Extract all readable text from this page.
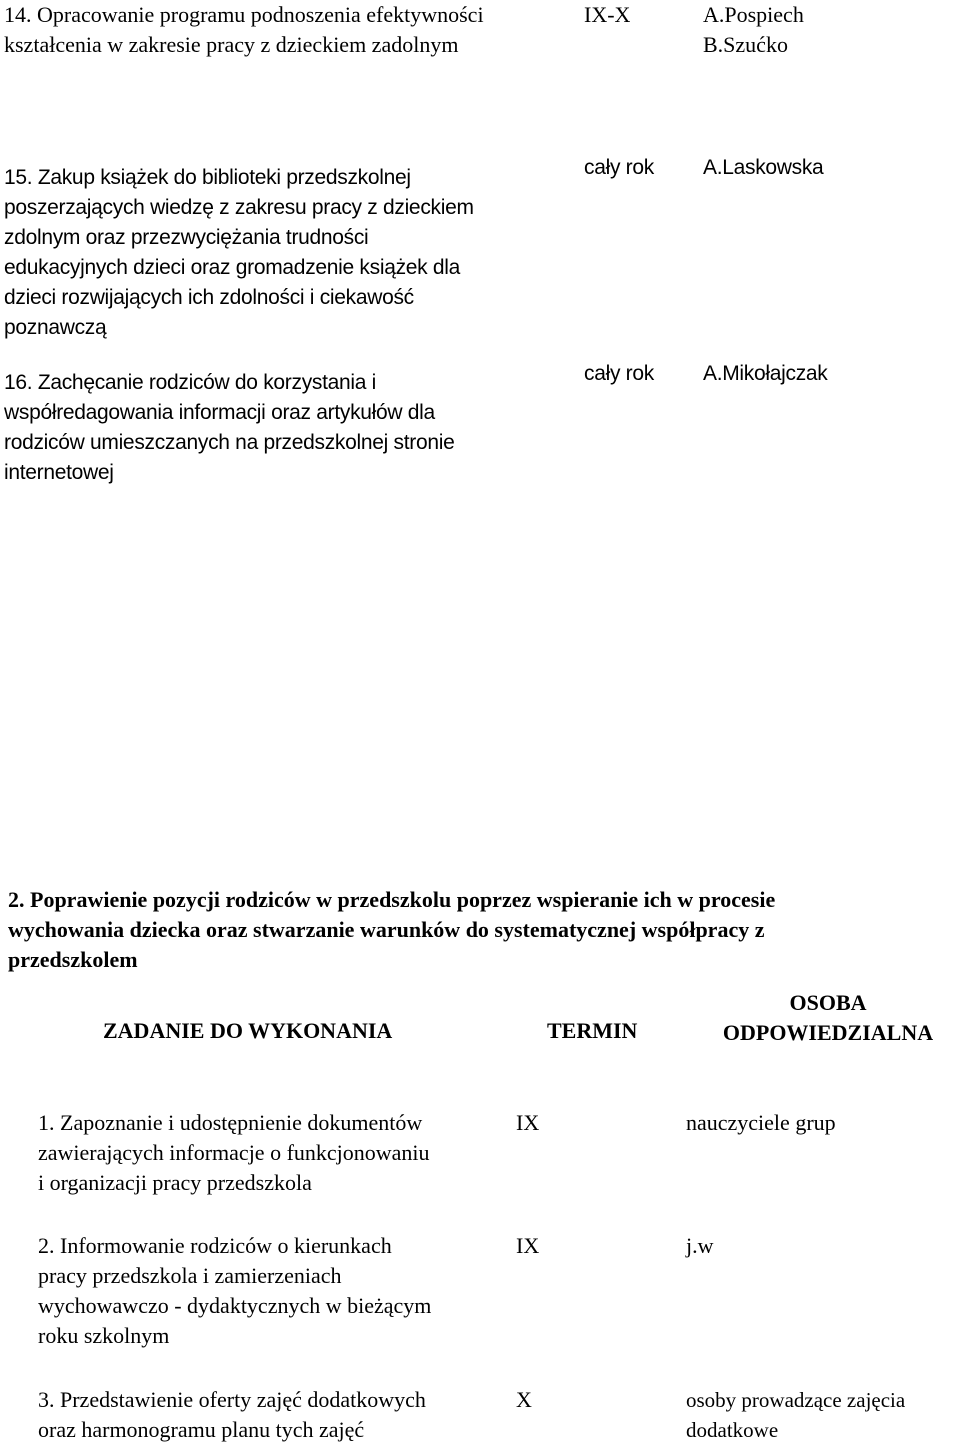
14. Opracowanie programu podnoszenia efektywności
kształcenia w zakresie pracy z dzieckiem zadolnym
IX-X	A.Pospiech
B.Szućko
15. Zakup książek do biblioteki przedszkolnej
poszerzających wiedzę z zakresu pracy z dzieckiem
zdolnym oraz przezwyciężania trudności
edukacyjnych dzieci oraz gromadzenie książek dla
dzieci rozwijających ich zdolności i ciekawość
poznawczą
cały rok A.Laskowska
16. Zachęcanie rodziców do korzystania i
współredagowania informacji oraz artykułów dla
rodziców umieszczanych na przedszkolnej stronie
internetowej
cały rok A.Mikołajczak
2. Poprawienie pozycji rodziców w przedszkolu poprzez wspieranie ich w procesie
wychowania dziecka oraz stwarzanie warunków do systematycznej współpracy z
przedszkolem
ZADANIE DO WYKONANIA	TERMIN
OSOBA
ODPOWIEDZIALNA
1. Zapoznanie i udostępnienie dokumentów
zawierających informacje o funkcjonowaniu
i organizacji pracy przedszkola
IX	nauczyciele grup
2. Informowanie rodziców o kierunkach
pracy przedszkola i zamierzeniach
wychowawczo - dydaktycznych w bieżącym
roku szkolnym
IX	j.w
3. Przedstawienie oferty zajęć dodatkowych
oraz harmonogramu planu tych zajęć
X	osoby prowadzące zajęcia
dodatkowe
